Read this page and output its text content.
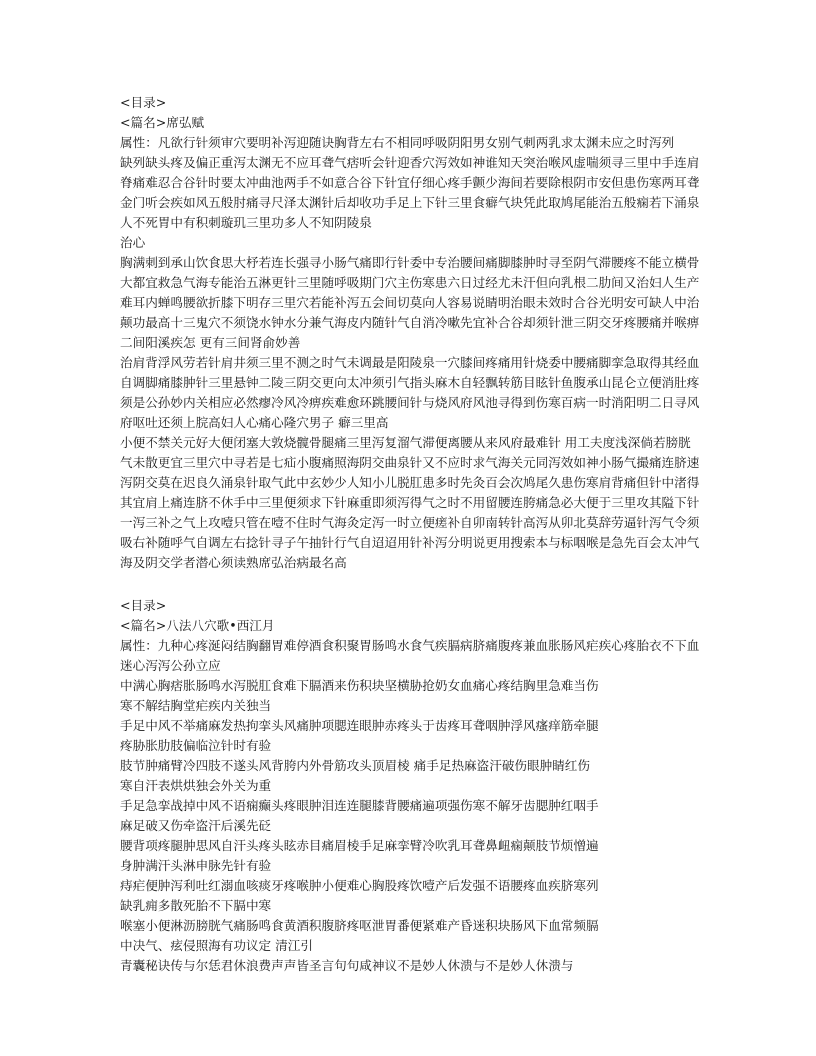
<目录>
<篇名>席弘赋
属性：凡欲行针须审穴要明补泻迎随诀胸背左右不相同呼吸阴阳男女别气刺两乳求太渊未应之时泻列
缺列缺头疼及偏正重泻太渊无不应耳聋气痞听会针迎香穴泻效如神谁知天突治喉风虚喘须寻三里中手连肩脊痛难忍合谷针时要太冲曲池两手不如意合谷下针宜仔细心疼手颤少海间若要除根阴市安但患伤寒两耳聋金门听会疾如风五般肘痛寻尺泽太渊针后却收功手足上下针三里食癖气块凭此取鸠尾能治五般痫若下涌泉人不死胃中有积刺璇玑三里功多人不知阴陵泉
治心
胸满刺到承山饮食思大杼若连长强寻小肠气痛即行针委中专治腰间痛脚膝肿时寻至阴气滞腰疼不能立横骨大都宜救急气海专能治五淋更针三里随呼吸期门穴主伤寒患六日过经尤未汗但向乳根二肋间又治妇人生产难耳内蝉鸣腰欲折膝下明存三里穴若能补泻五会间切莫向人容易说睛明治眼未效时合谷光明安可缺人中治颠功最高十三鬼穴不须饶水钟水分兼气海皮内随针气自消冷嗽先宜补合谷却须针泄三阴交牙疼腰痛并喉痹二间阳溪疾怎 更有三间肾俞妙善
治肩背浮风劳若针肩井须三里不测之时气未调最是阳陵泉一穴膝间疼痛用针烧委中腰痛脚挛急取得其经血自调脚痛膝肿针三里悬钟二陵三阴交更向太冲须引气指头麻木自轻飘转筋目眩针鱼腹承山昆仑立便消肚疼须是公孙妙内关相应必然瘳冷风冷痹疾难愈环跳腰间针与烧风府风池寻得到伤寒百病一时消阳明二日寻风府呕吐还须上脘高妇人心痛心隆穴男子 癖三里高
小便不禁关元好大便闭塞大敦烧髋骨腿痛三里泻复溜气滞便离腰从来风府最难针 用工夫度浅深倘若膀胱气未散更宜三里穴中寻若是七疝小腹痛照海阴交曲泉针又不应时求气海关元同泻效如神小肠气撮痛连脐速泻阴交莫在迟良久涌泉针取气此中玄妙少人知小儿脱肛患多时先灸百会次鸠尾久患伤寒肩背痛但针中渚得其宜肩上痛连脐不休手中三里便须求下针麻重即须泻得气之时不用留腰连胯痛急必大便于三里攻其隘下针一泻三补之气上攻噎只管在噎不住时气海灸定泻一时立便瘥补自卯南转针高泻从卯北莫辞劳逼针泻气令须吸右补随呼气自调左右捻针寻子午抽针行气自迢迢用针补泻分明说更用搜索本与标咽喉是急先百会太冲气海及阴交学者潜心须读熟席弘治病最名高
<目录>
<篇名>八法八穴歌•西江月
属性：九种心疼涎闷结胸翻胃难停酒食积聚胃肠鸣水食气疾膈病脐痛腹疼兼血胀肠风疟疾心疼胎衣不下血迷心泻泻公孙立应
中满心胸痞胀肠鸣水泻脱肛食难下膈酒来伤积块坚横胁抢奶女血痛心疼结胸里急难当伤
寒不解结胸堂疟疾内关独当
手足中风不举痛麻发热拘挛头风痛肿项腮连眼肿赤疼头于齿疼耳聋咽肿浮风瘙痒筋牵腿
疼胁胀肋肢偏临泣针时有验
肢节肿痛臂冷四肢不遂头风背胯内外骨筋攻头顶眉棱 痛手足热麻盗汗破伤眼肿睛红伤
寒自汗表烘烘独会外关为重
手足急挛战掉中风不语痫癫头疼眼肿泪连连腿膝背腰痛遍项强伤寒不解牙齿腮肿红咽手
麻足破又伤牵盗汗后溪先砭
腰背项疼腿肿思风自汗头疼头眩赤目痛眉棱手足麻挛臂冷吹乳耳聋鼻衄痫颠肢节烦憎遍
身肿满汗头淋申脉先针有验
痔疟便肿泻利吐红溺血咳痰牙疼喉肿小便难心胸股疼饮噎产后发强不语腰疼血疾脐寒列
缺乳痈多散死胎不下膈中寒
喉塞小便淋沥膀胱气痛肠鸣食黄酒积腹脐疼呕泄胃番便紧难产昏迷积块肠风下血常频膈
中决气、痃侵照海有功议定 清江引
青囊秘诀传与尔恁君休浪费声声皆圣言句句咸神议不是妙人休溃与不是妙人休溃与
